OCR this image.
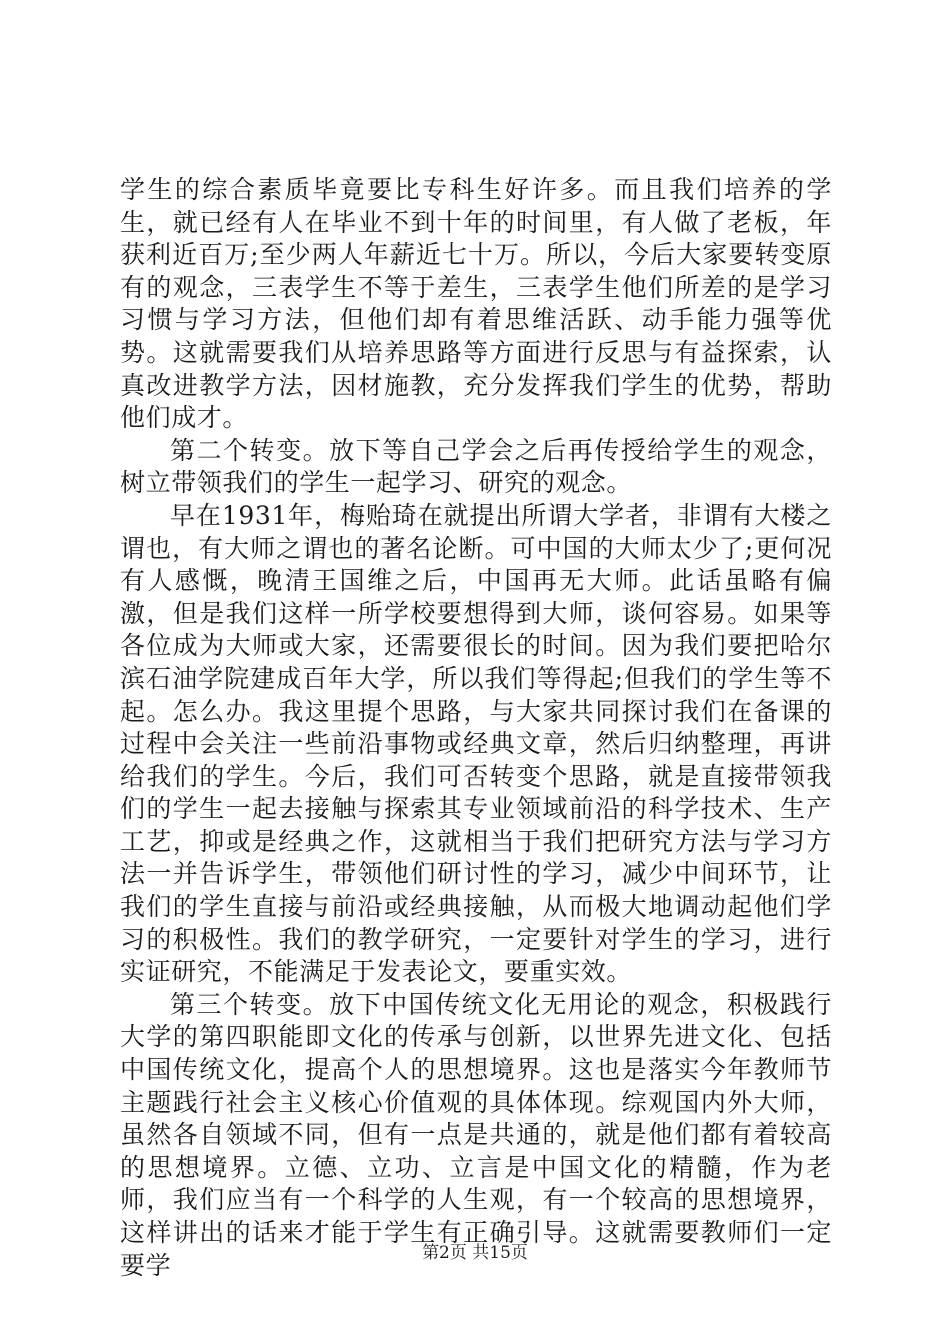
学生的综合素质毕竟要比专科生好许多。而且我们培养的学生，就已经有人在毕业不到十年的时间里，有人做了老板，年获利近百万;至少两人年薪近七十万。所以，今后大家要转变原有的观念，三表学生不等于差生，三表学生他们所差的是学习习惯与学习方法，但他们却有着思维活跃、动手能力强等优势。这就需要我们从培养思路等方面进行反思与有益探索，认真改进教学方法，因材施教，充分发挥我们学生的优势，帮助他们成才。

第二个转变。放下等自己学会之后再传授给学生的观念，树立带领我们的学生一起学习、研究的观念。

早在1931年，梅贻琦在就提出所谓大学者，非谓有大楼之谓也，有大师之谓也的著名论断。可中国的大师太少了;更何况有人感慨，晚清王国维之后，中国再无大师。此话虽略有偏激，但是我们这样一所学校要想得到大师，谈何容易。如果等各位成为大师或大家，还需要很长的时间。因为我们要把哈尔滨石油学院建成百年大学，所以我们等得起;但我们的学生等不起。怎么办。我这里提个思路，与大家共同探讨我们在备课的过程中会关注一些前沿事物或经典文章，然后归纳整理，再讲给我们的学生。今后，我们可否转变个思路，就是直接带领我们的学生一起去接触与探索其专业领域前沿的科学技术、生产工艺，抑或是经典之作，这就相当于我们把研究方法与学习方法一并告诉学生，带领他们研讨性的学习，减少中间环节，让我们的学生直接与前沿或经典接触，从而极大地调动起他们学习的积极性。我们的教学研究，一定要针对学生的学习，进行实证研究，不能满足于发表论文，要重实效。

第三个转变。放下中国传统文化无用论的观念，积极践行大学的第四职能即文化的传承与创新，以世界先进文化、包括中国传统文化，提高个人的思想境界。这也是落实今年教师节主题践行社会主义核心价值观的具体体现。综观国内外大师，虽然各自领域不同，但有一点是共通的，就是他们都有着较高的思想境界。立德、立功、立言是中国文化的精髓，作为老师，我们应当有一个科学的人生观，有一个较高的思想境界，这样讲出的话来才能于学生有正确引导。这就需要教师们一定要学	第2页 共15页
